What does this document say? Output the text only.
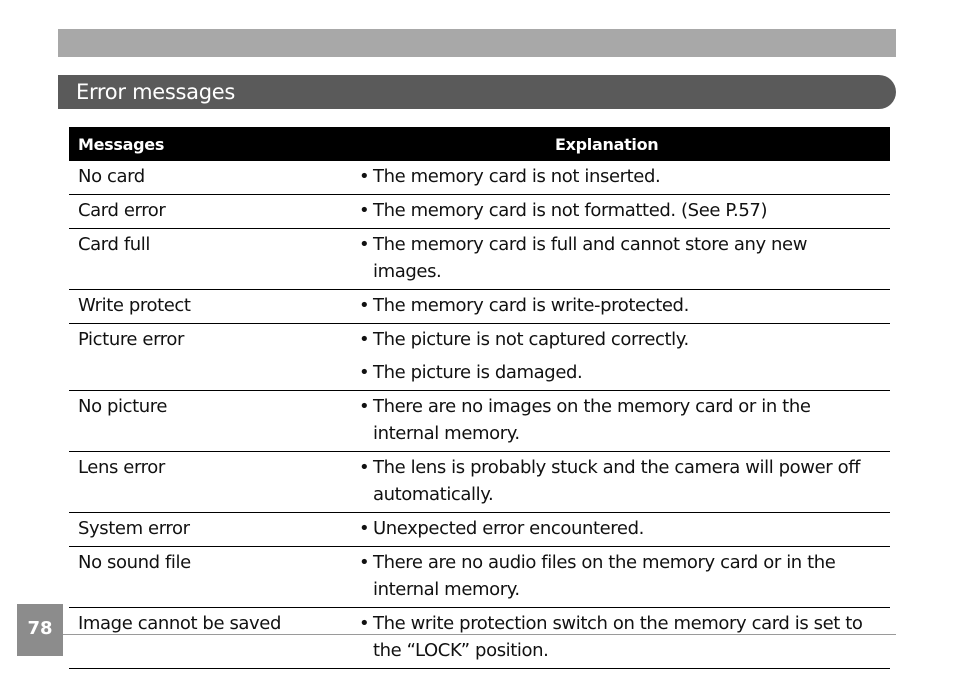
Error messages
Messages	Explanation
No card	• The memory card is not inserted.

Card error	• The memory card is not formatted. (See P.57)

Card full	• The memory card is full and cannot store any new images.

Write protect	• The memory card is write-protected.

Picture error	• The picture is not captured correctly.
• The picture is damaged.

No picture	• There are no images on the memory card or in the internal memory.

Lens error	• The lens is probably stuck and the camera will power off automatically.

System error	• Unexpected error encountered.

No sound file	• There are no audio files on the memory card or in the internal memory.

Image cannot be saved	• The write protection switch on the memory card is set to the “LOCK” position.
78
